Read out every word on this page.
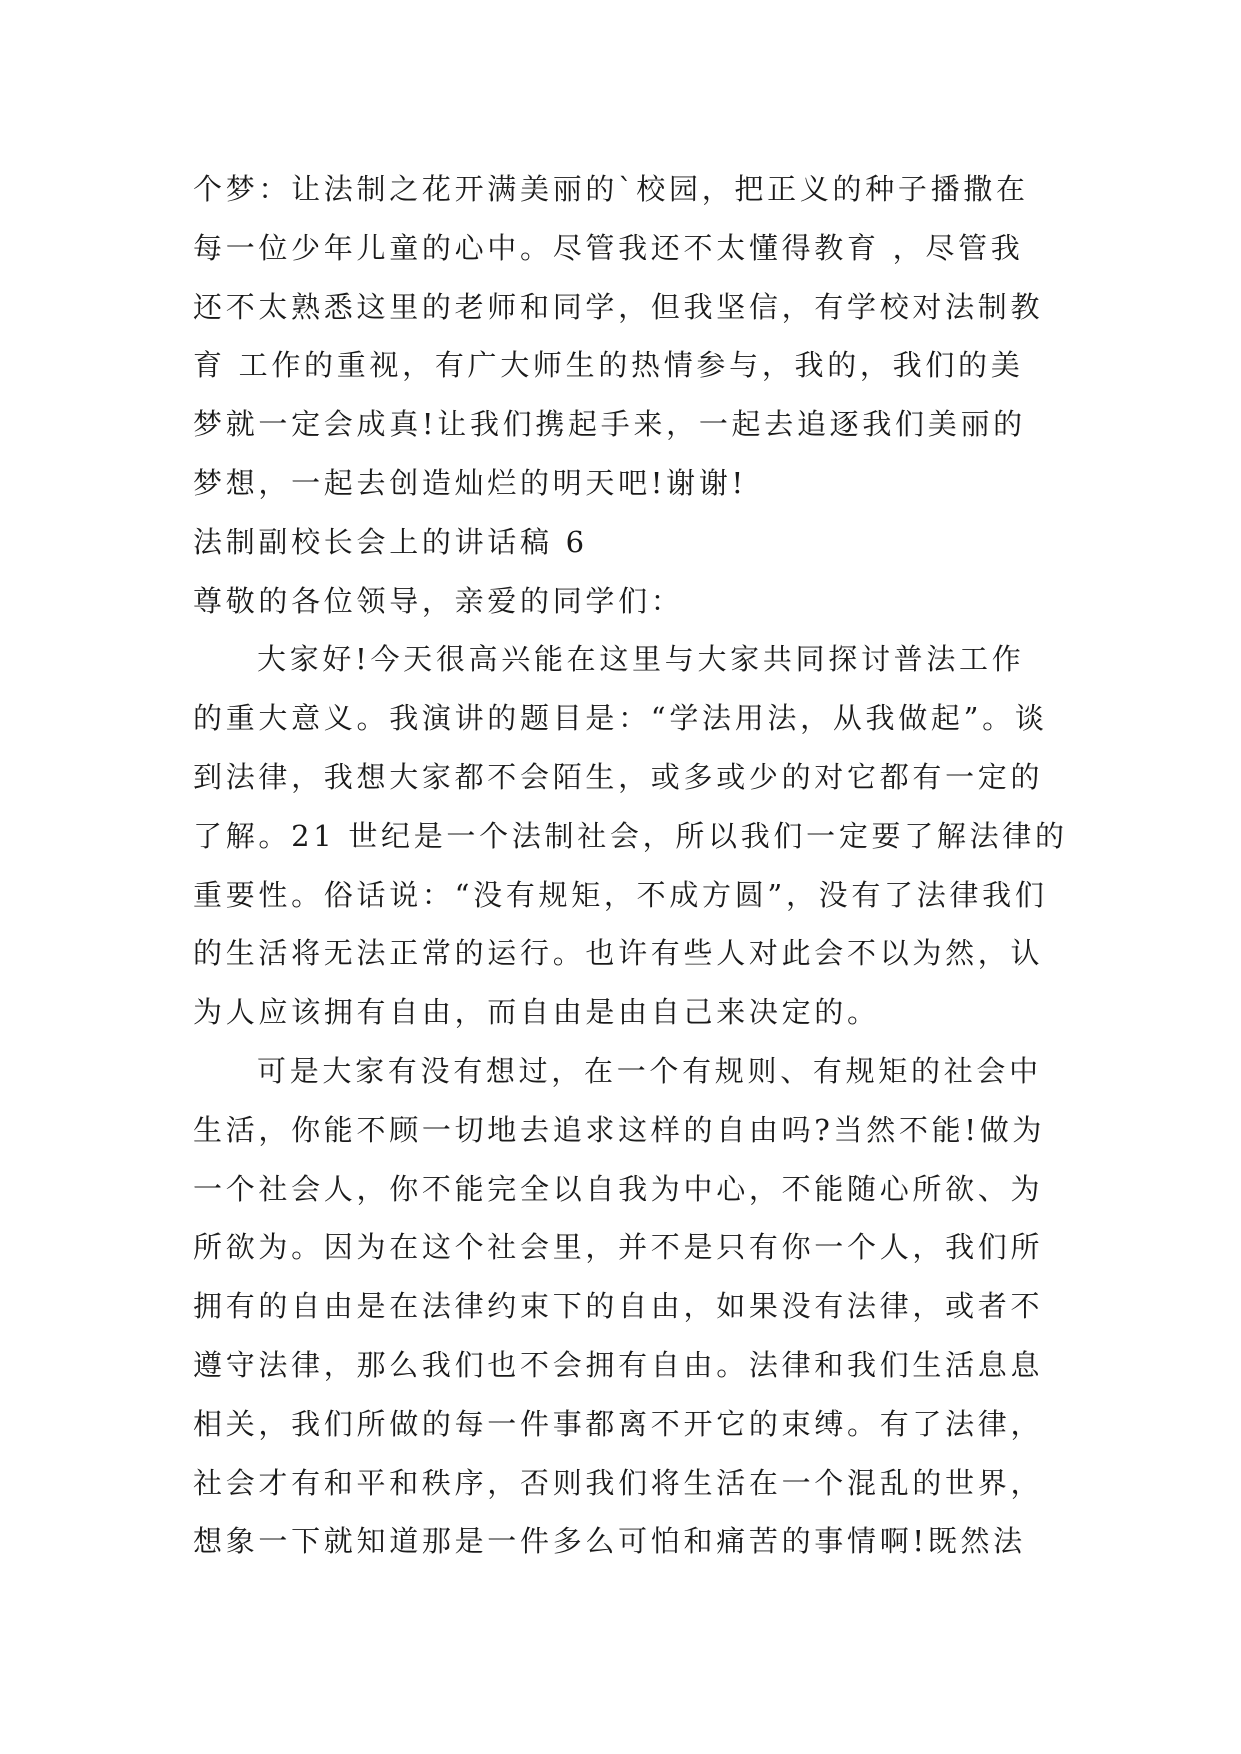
个梦：让法制之花开满美丽的`校园，把正义的种子播撒在
每一位少年儿童的心中。尽管我还不太懂得教育 ，尽管我
还不太熟悉这里的老师和同学，但我坚信，有学校对法制教
育 工作的重视，有广大师生的热情参与，我的，我们的美
梦就一定会成真!让我们携起手来，一起去追逐我们美丽的
梦想，一起去创造灿烂的明天吧!谢谢!
法制副校长会上的讲话稿 6
尊敬的各位领导，亲爱的同学们：
大家好!今天很高兴能在这里与大家共同探讨普法工作
的重大意义。我演讲的题目是：“学法用法，从我做起”。谈
到法律，我想大家都不会陌生，或多或少的对它都有一定的
了解。21 世纪是一个法制社会，所以我们一定要了解法律的
重要性。俗话说：“没有规矩，不成方圆”，没有了法律我们
的生活将无法正常的运行。也许有些人对此会不以为然，认
为人应该拥有自由，而自由是由自己来决定的。
可是大家有没有想过，在一个有规则、有规矩的社会中
生活，你能不顾一切地去追求这样的自由吗?当然不能!做为
一个社会人，你不能完全以自我为中心，不能随心所欲、为
所欲为。因为在这个社会里，并不是只有你一个人，我们所
拥有的自由是在法律约束下的自由，如果没有法律，或者不
遵守法律，那么我们也不会拥有自由。法律和我们生活息息
相关，我们所做的每一件事都离不开它的束缚。有了法律，
社会才有和平和秩序，否则我们将生活在一个混乱的世界，
想象一下就知道那是一件多么可怕和痛苦的事情啊!既然法
